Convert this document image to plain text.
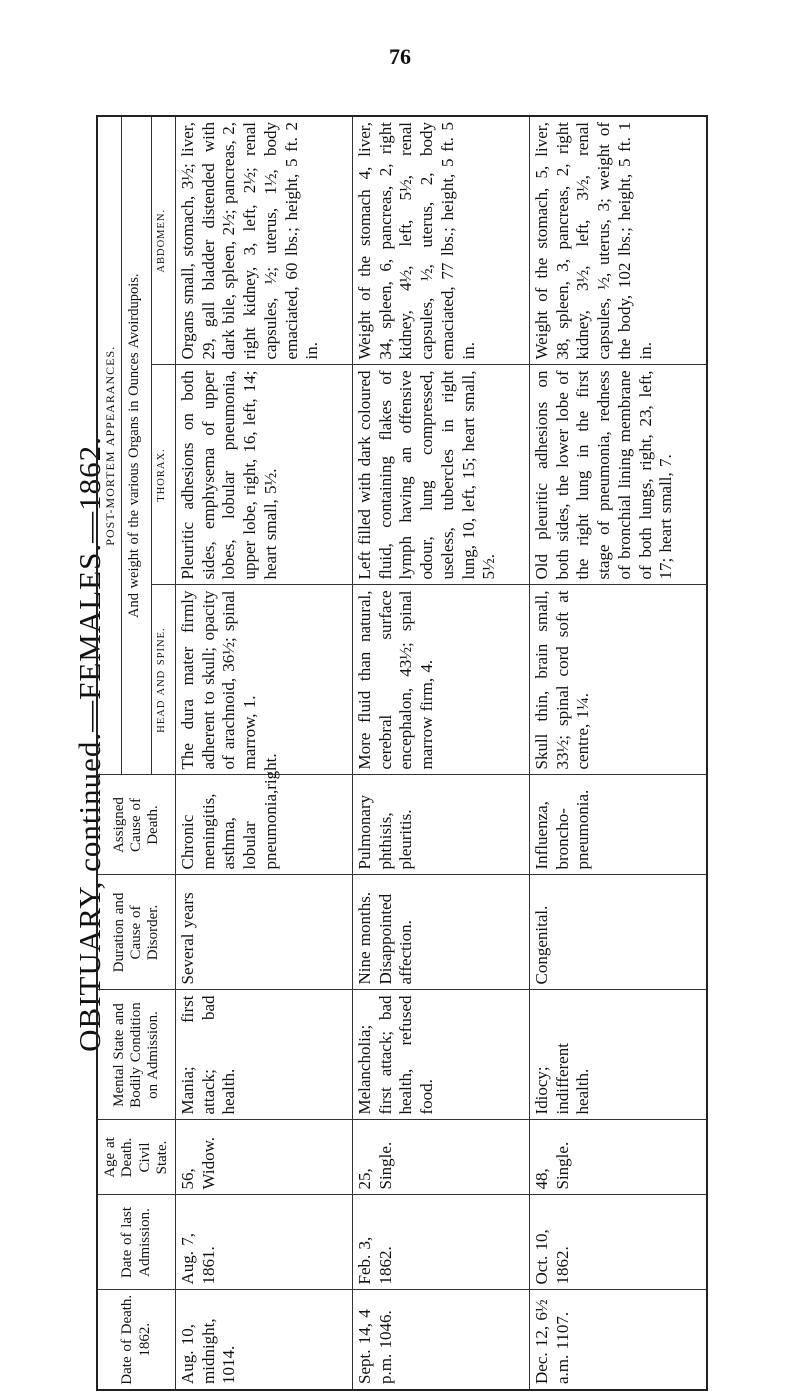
76
OBITUARY, continued.—FEMALES.—1862.
Date of Death. 1862.	Date of last Admission.	Age at Death. Civil State.	Mental State and Bodily Condition on Admission.	Duration and Cause of Disorder.	Assigned Cause of Death.	POST-MORTEM APPEARANCES.		
						And weight of the various Organs in Ounces Avoirdupois.		
						HEAD AND SPINE.	THORAX.	ABDOMEN.
Aug. 10, midnight, 1014.	Aug. 7, 1861.	56, Widow.	Mania; first attack; bad health.	Several years	Chronic meningitis, asthma, lobular pneumonia,right.	The dura mater firmly adherent to skull; opacity of arachnoid, 36½; spinal marrow, 1.	Pleuritic adhesions on both sides, emphysema of upper lobes, lobular pneumonia, upper lobe, right, 16, left, 14; heart small, 5½.	Organs small, stomach, 3½; liver, 29, gall bladder distended with dark bile, spleen, 2½; pancreas, 2, right kidney, 3, left, 2½; renal capsules, ½; uterus, 1½, body emaciated, 60 lbs.; height, 5 ft. 2 in.
Sept. 14, 4 p.m. 1046.	Feb. 3, 1862.	25, Single.	Melancholia; first attack; bad health, refused food.	Nine months. Disappointed affection.	Pulmonary phthisis, pleuritis.	More fluid than natural, cerebral surface encephalon, 43½; spinal marrow firm, 4.	Left filled with dark coloured fluid, containing flakes of lymph having an offensive odour, lung compressed, useless, tubercles in right lung, 10, left, 15; heart small, 5½.	Weight of the stomach 4, liver, 34, spleen, 6, pancreas, 2, right kidney, 4½, left, 5½, renal capsules, ½, uterus, 2, body emaciated, 77 lbs.; height, 5 ft. 5 in.
Dec. 12, 6½ a.m. 1107.	Oct. 10, 1862.	48, Single.	Idiocy; indifferent health.	Congenital.	Influenza, broncho-pneumonia.	Skull thin, brain small, 33½; spinal cord soft at centre, 1¼.	Old pleuritic adhesions on both sides, the lower lobe of the right lung in the first stage of pneumonia, redness of bronchial lining membrane of both lungs, right, 23, left, 17; heart small, 7.	Weight of the stomach, 5, liver, 38, spleen, 3, pancreas, 2, right kidney, 3½, left, 3½, renal capsules, ½, uterus, 3; weight of the body, 102 lbs.; height, 5 ft. 1 in.
